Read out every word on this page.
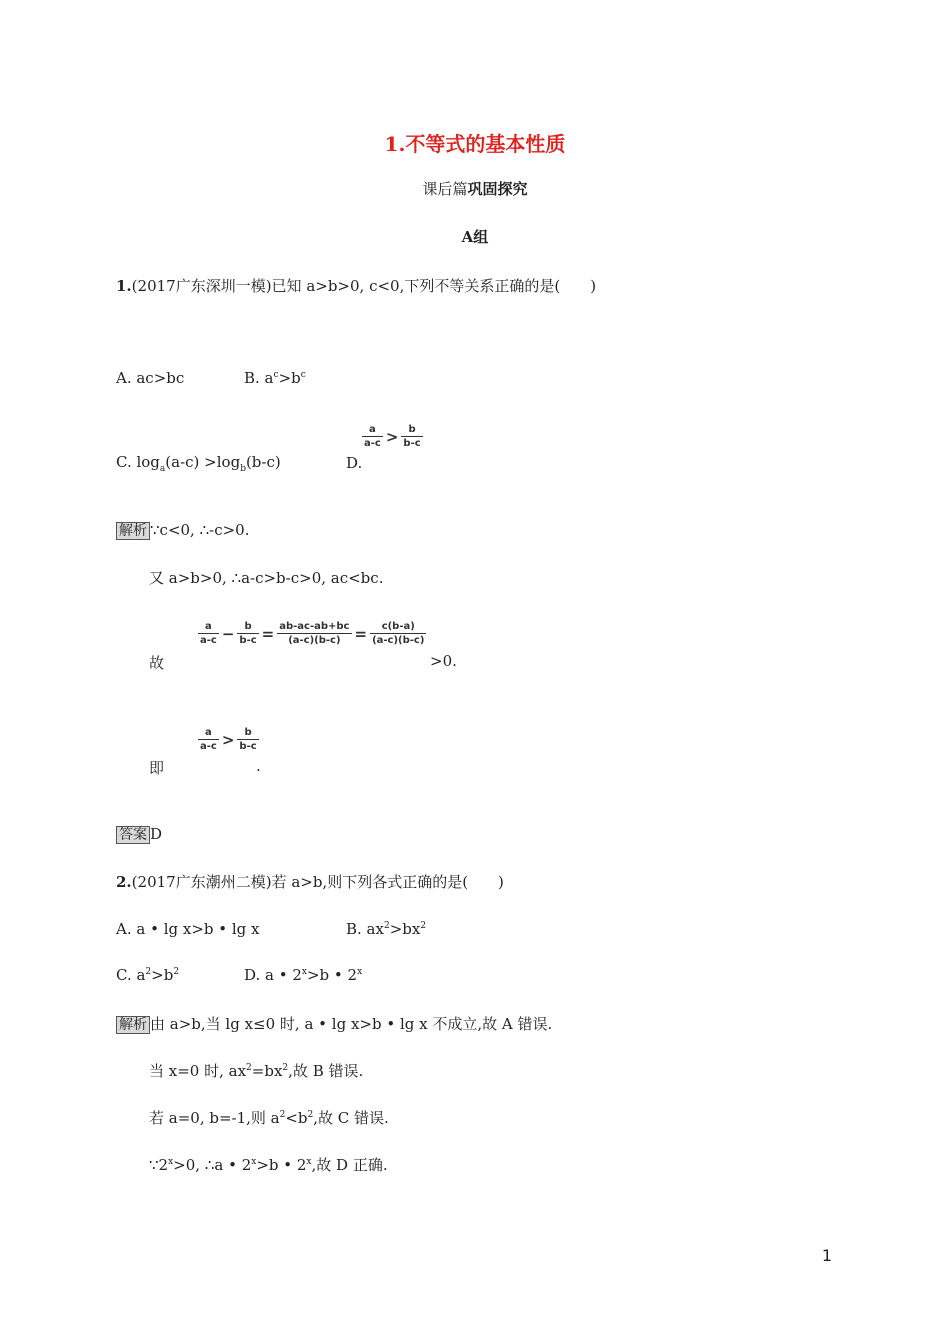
1.不等式的基本性质
课后篇巩固探究
A组
1.(2017广东深圳一模)已知 a>b>0, c<0,下列不等关系正确的是(　　)
A. ac>bc	B. $a^c>b^c$
C. $\log_a(a-c) >\log_b(b-c)$	D.
$\frac{a}{a-c} > \frac{b}{b-c}$
解析 ∵c<0, ∴-c>0.
又 a>b>0, ∴a-c>b-c>0, ac<bc.
故
$\frac{a}{a-c} - \frac{b}{b-c} = \frac{ab-ac-ab+bc}{(a-c)(b-c)} = \frac{c(b-a)}{(a-c)(b-c)}$
>0.
即
$\frac{a}{a-c} > \frac{b}{b-c}$
.
答案 D
2.(2017广东潮州二模)若 a>b,则下列各式正确的是(　　)
A. a • lg x>b • lg x	B. $ax^2>bx^2$
C. $a^2>b^2$	D. a • $2^x>b$ • 2$^x$
解析 由 a>b,当 lg x≤0 时, a • lg x>b • lg x 不成立,故 A 错误.
当 x=0 时, $ax^2=bx^2$,故 B 错误.
若 a=0, b=-1,则 $a^2<b^2$,故 C 错误.
$\because 2^x>0$, ∴a • $2^x>b$ • 2$^x$,故 D 正确.
1
